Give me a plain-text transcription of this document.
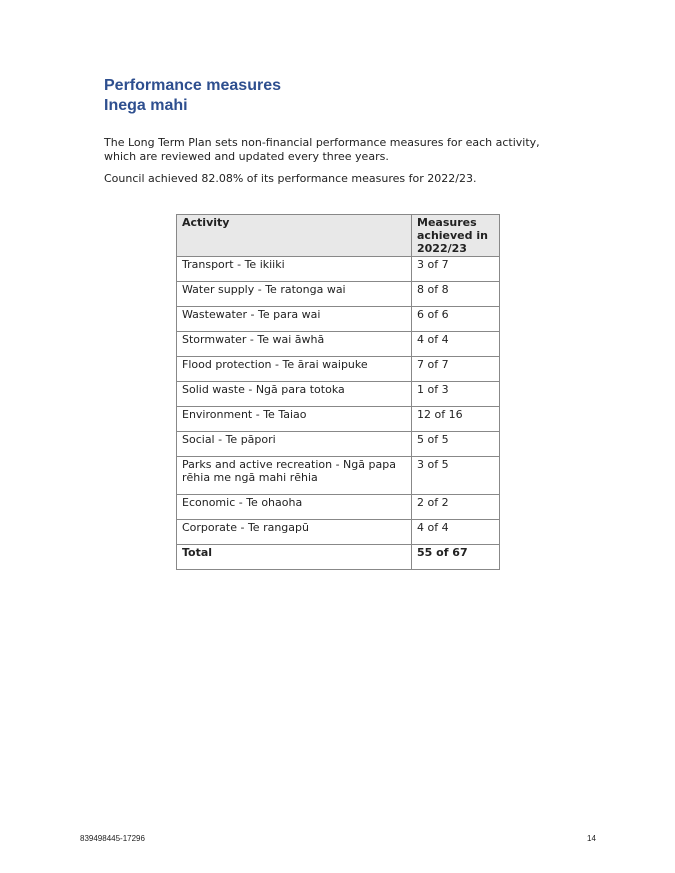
Performance measures
Inega mahi
The Long Term Plan sets non-financial performance measures for each activity, which are reviewed and updated every three years.
Council achieved 82.08% of its performance measures for 2022/23.
Activity	Measures achieved in 2022/23
Transport - Te ikiiki	3 of 7
Water supply - Te ratonga wai	8 of 8
Wastewater - Te para wai	6 of 6
Stormwater - Te wai āwhā	4 of 4
Flood protection - Te ārai waipuke	7 of 7
Solid waste - Ngā para totoka	1 of 3
Environment - Te Taiao	12 of 16
Social - Te pāpori	5 of 5
Parks and active recreation - Ngā papa rēhia me ngā mahi rēhia	3 of 5
Economic - Te ohaoha	2 of 2
Corporate - Te rangapū	4 of 4
Total	55 of 67
839498445-17296	14
